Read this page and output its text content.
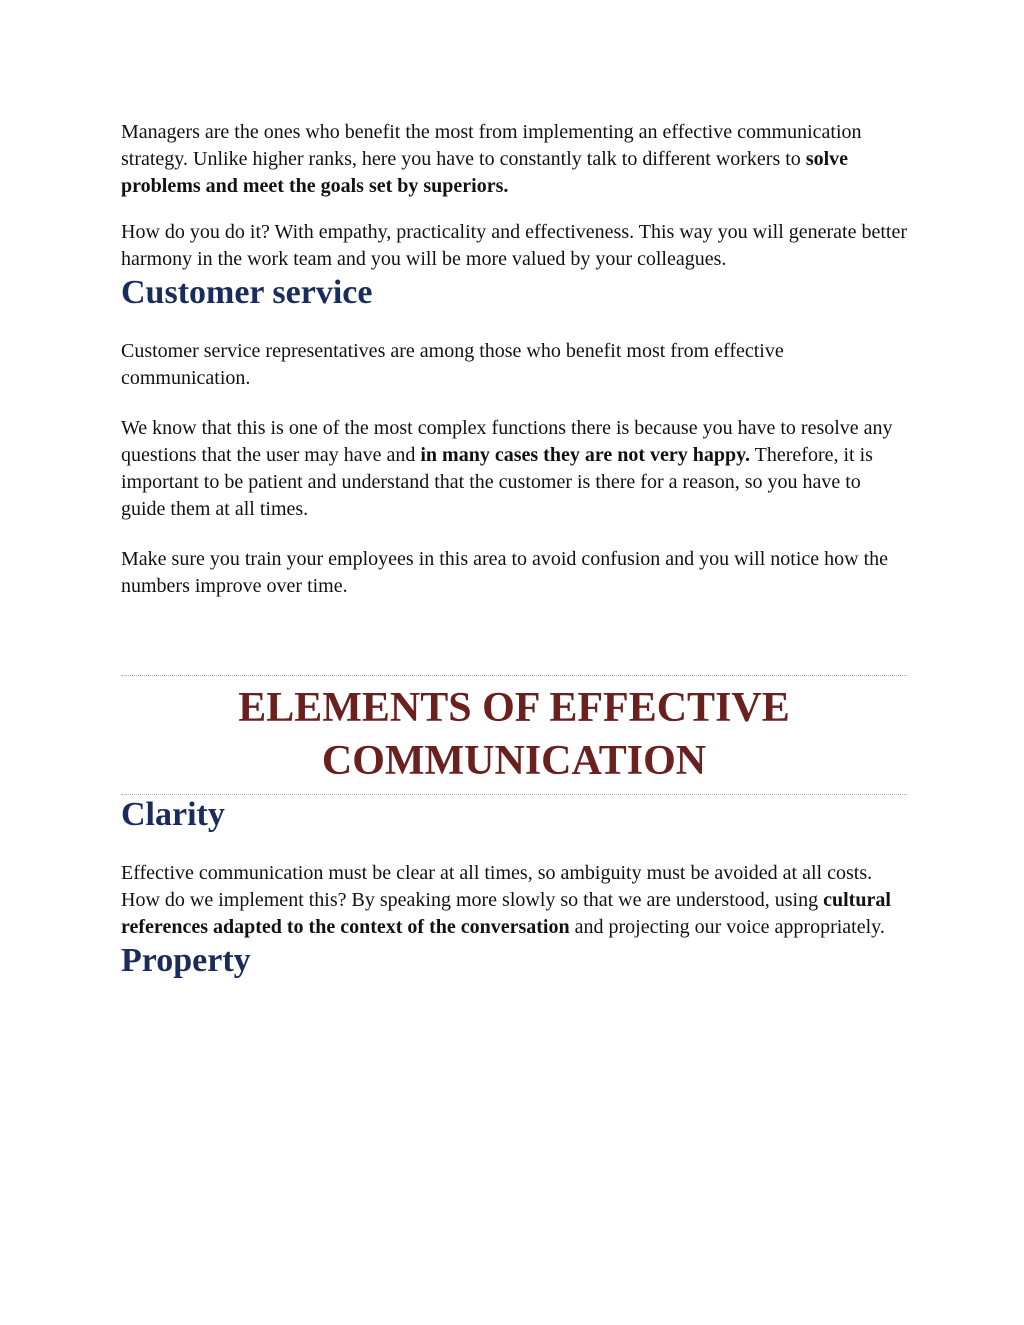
Managers are the ones who benefit the most from implementing an effective communication strategy. Unlike higher ranks, here you have to constantly talk to different workers to solve problems and meet the goals set by superiors.

How do you do it? With empathy, practicality and effectiveness. This way you will generate better harmony in the work team and you will be more valued by your colleagues.

Customer service

Customer service representatives are among those who benefit most from effective communication.

We know that this is one of the most complex functions there is because you have to resolve any questions that the user may have and in many cases they are not very happy. Therefore, it is important to be patient and understand that the customer is there for a reason, so you have to guide them at all times.

Make sure you train your employees in this area to avoid confusion and you will notice how the numbers improve over time.

ELEMENTS OF EFFECTIVE
COMMUNICATION
Clarity

Effective communication must be clear at all times, so ambiguity must be avoided at all costs. How do we implement this? By speaking more slowly so that we are understood, using cultural references adapted to the context of the conversation and projecting our voice appropriately.

Property
